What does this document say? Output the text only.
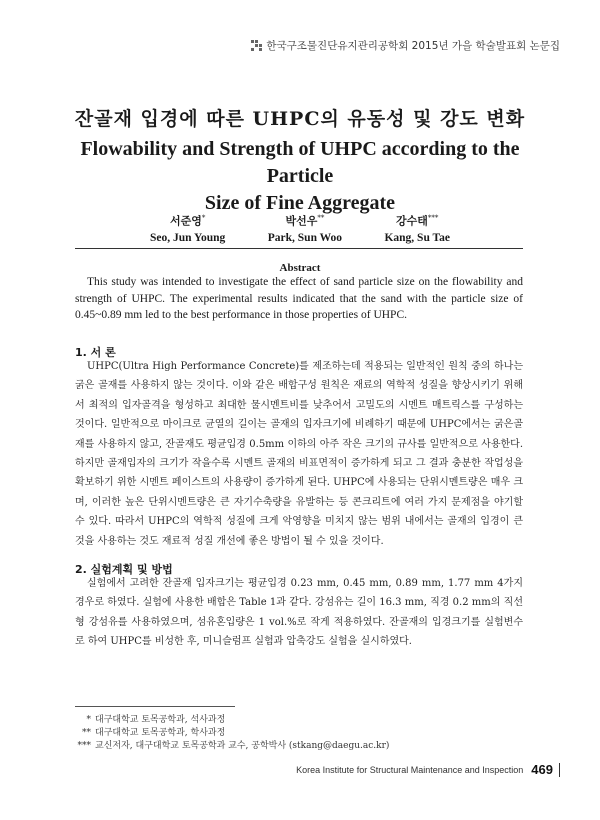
한국구조물진단유지관리공학회 2015년 가을 학술발표회 논문집
잔골재 입경에 따른 UHPC의 유동성 및 강도 변화
Flowability and Strength of UHPC according to the Particle
Size of Fine Aggregate
서준영*
Seo, Jun Young
박선우**
Park, Sun Woo
강수태***
Kang, Su Tae
Abstract

This study was intended to investigate the effect of sand particle size on the flowability and strength of UHPC. The experimental results indicated that the sand with the particle size of 0.45~0.89 mm led to the best performance in those properties of UHPC.

1. 서 론

UHPC(Ultra High Performance Concrete)를 제조하는데 적용되는 일반적인 원칙 중의 하나는 굵은 골재를 사용하지 않는 것이다. 이와 같은 배합구성 원칙은 재료의 역학적 성질을 향상시키기 위해서 최적의 입자골격을 형성하고 최대한 물시멘트비를 낮추어서 고밀도의 시멘트 매트릭스를 구성하는 것이다. 일반적으로 마이크로 균열의 길이는 골재의 입자크기에 비례하기 때문에 UHPC에서는 굵은골재를 사용하지 않고, 잔골재도 평균입경 0.5mm 이하의 아주 작은 크기의 규사를 일반적으로 사용한다. 하지만 골재입자의 크기가 작을수록 시멘트 골재의 비표면적이 증가하게 되고 그 결과 충분한 작업성을 확보하기 위한 시멘트 페이스트의 사용량이 증가하게 된다. UHPC에 사용되는 단위시멘트량은 매우 크며, 이러한 높은 단위시멘트량은 큰 자기수축량을 유발하는 등 콘크리트에 여러 가지 문제점을 야기할 수 있다. 따라서 UHPC의 역학적 성질에 크게 악영향을 미치지 않는 범위 내에서는 골재의 입경이 큰 것을 사용하는 것도 재료적 성질 개선에 좋은 방법이 될 수 있을 것이다.

2. 실험계획 및 방법

실험에서 고려한 잔골재 입자크기는 평균입경 0.23 mm, 0.45 mm, 0.89 mm, 1.77 mm 4가지 경우로 하였다. 실험에 사용한 배합은 Table 1과 같다. 강섬유는 길이 16.3 mm, 직경 0.2 mm의 직선형 강섬유를 사용하였으며, 섬유혼입량은 1 vol.%로 작게 적용하였다. 잔골재의 입경크기를 실험변수로 하여 UHPC를 비성한 후, 미니슬럼프 실험과 압축강도 실험을 실시하였다.

* 대구대학교 토목공학과, 석사과정
** 대구대학교 토목공학과, 학사과정
*** 교신저자, 대구대학교 토목공학과 교수, 공학박사 (stkang@daegu.ac.kr)
Korea Institute for Structural Maintenance and Inspection 469
